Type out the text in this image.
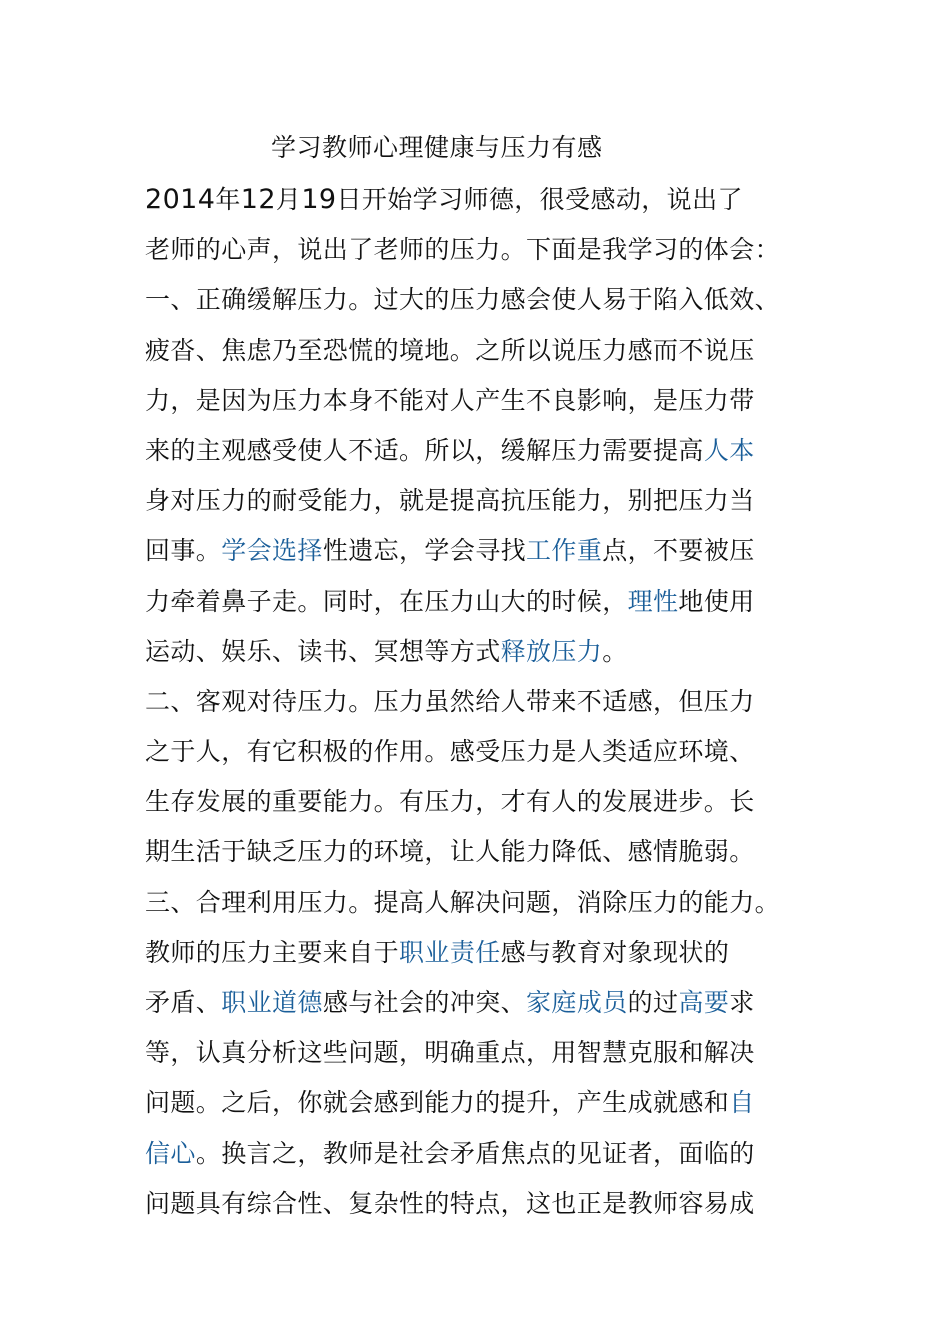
学习教师心理健康与压力有感
2014年12月19日开始学习师德，很受感动，说出了
老师的心声，说出了老师的压力。下面是我学习的体会：
一、正确缓解压力。过大的压力感会使人易于陷入低效、
疲沓、焦虑乃至恐慌的境地。之所以说压力感而不说压
力，是因为压力本身不能对人产生不良影响，是压力带
来的主观感受使人不适。所以，缓解压力需要提高人本
身对压力的耐受能力，就是提高抗压能力，别把压力当
回事。学会选择性遗忘，学会寻找工作重点，不要被压
力牵着鼻子走。同时，在压力山大的时候，理性地使用
运动、娱乐、读书、冥想等方式释放压力。
二、客观对待压力。压力虽然给人带来不适感，但压力
之于人，有它积极的作用。感受压力是人类适应环境、
生存发展的重要能力。有压力，才有人的发展进步。长
期生活于缺乏压力的环境，让人能力降低、感情脆弱。
三、合理利用压力。提高人解决问题，消除压力的能力。
教师的压力主要来自于职业责任感与教育对象现状的
矛盾、职业道德感与社会的冲突、家庭成员的过高要求
等，认真分析这些问题，明确重点，用智慧克服和解决
问题。之后，你就会感到能力的提升，产生成就感和自
信心。换言之，教师是社会矛盾焦点的见证者，面临的
问题具有综合性、复杂性的特点，这也正是教师容易成
